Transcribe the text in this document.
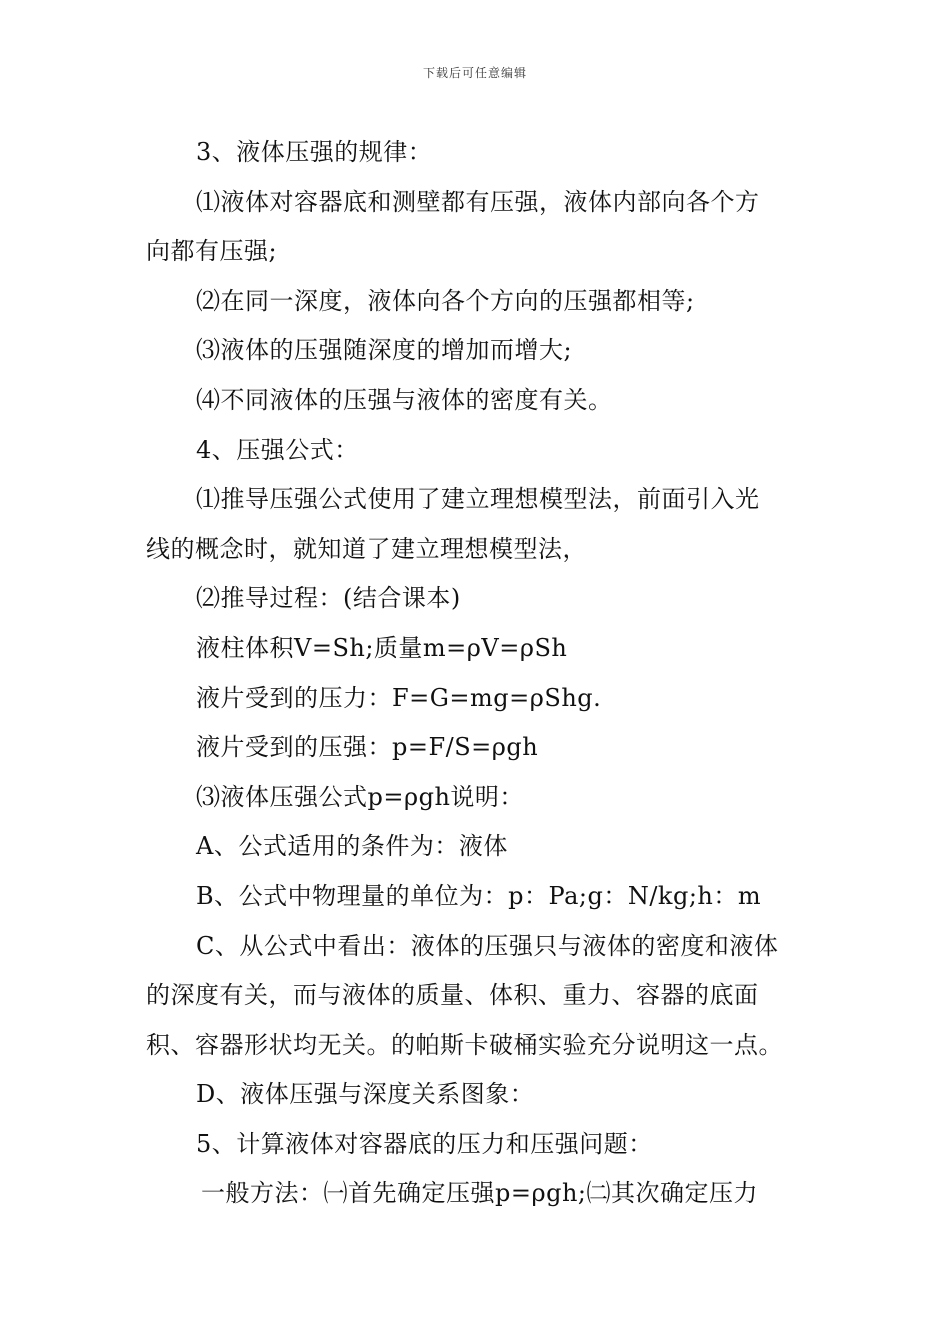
下载后可任意编辑
3、液体压强的规律：
⑴液体对容器底和测壁都有压强，液体内部向各个方
向都有压强;
⑵在同一深度，液体向各个方向的压强都相等;
⑶液体的压强随深度的增加而增大;
⑷不同液体的压强与液体的密度有关。
4、压强公式：
⑴推导压强公式使用了建立理想模型法，前面引入光
线的概念时，就知道了建立理想模型法，
⑵推导过程：(结合课本)
液柱体积V=Sh;质量m=ρV=ρSh
液片受到的压力：F=G=mg=ρShg.
液片受到的压强：p=F/S=ρgh
⑶液体压强公式p=ρgh说明：
A、公式适用的条件为：液体
B、公式中物理量的单位为：p：Pa;g：N/kg;h：m
C、从公式中看出：液体的压强只与液体的密度和液体
的深度有关，而与液体的质量、体积、重力、容器的底面
积、容器形状均无关。的帕斯卡破桶实验充分说明这一点。
D、液体压强与深度关系图象：
5、计算液体对容器底的压力和压强问题：
一般方法：㈠首先确定压强p=ρgh;㈡其次确定压力
